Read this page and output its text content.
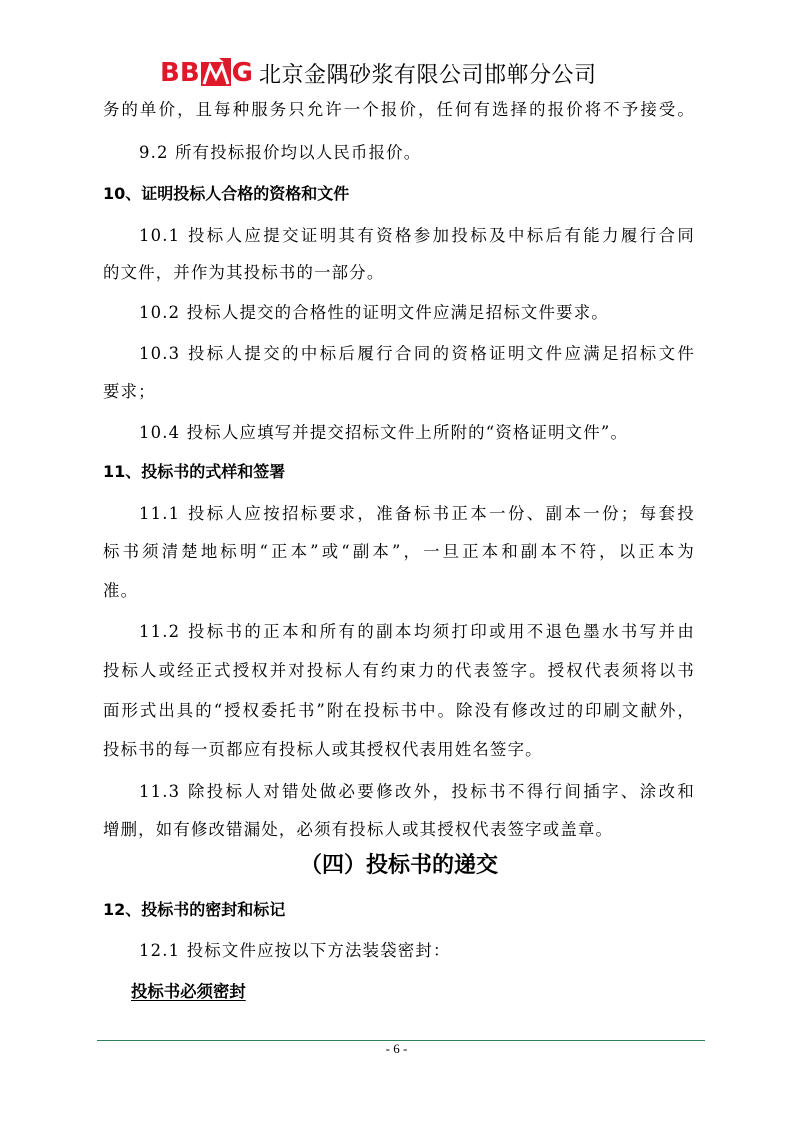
BB G 北京金隅砂浆有限公司邯郸分公司
务的单价，且每种服务只允许一个报价，任何有选择的报价将不予接受。
9.2 所有投标报价均以人民币报价。
10、证明投标人合格的资格和文件
10.1 投标人应提交证明其有资格参加投标及中标后有能力履行合同
的文件，并作为其投标书的一部分。
10.2 投标人提交的合格性的证明文件应满足招标文件要求。
10.3 投标人提交的中标后履行合同的资格证明文件应满足招标文件
要求；
10.4 投标人应填写并提交招标文件上所附的“资格证明文件”。
11、投标书的式样和签署
11.1 投标人应按招标要求，准备标书正本一份、副本一份；每套投
标书须清楚地标明“正本”或“副本”，一旦正本和副本不符，以正本为
准。
11.2 投标书的正本和所有的副本均须打印或用不退色墨水书写并由
投标人或经正式授权并对投标人有约束力的代表签字。授权代表须将以书
面形式出具的“授权委托书”附在投标书中。除没有修改过的印刷文献外，
投标书的每一页都应有投标人或其授权代表用姓名签字。
11.3 除投标人对错处做必要修改外，投标书不得行间插字、涂改和
增删，如有修改错漏处，必须有投标人或其授权代表签字或盖章。
（四）投标书的递交
12、投标书的密封和标记
12.1 投标文件应按以下方法装袋密封：
投标书必须密封
- 6 -
